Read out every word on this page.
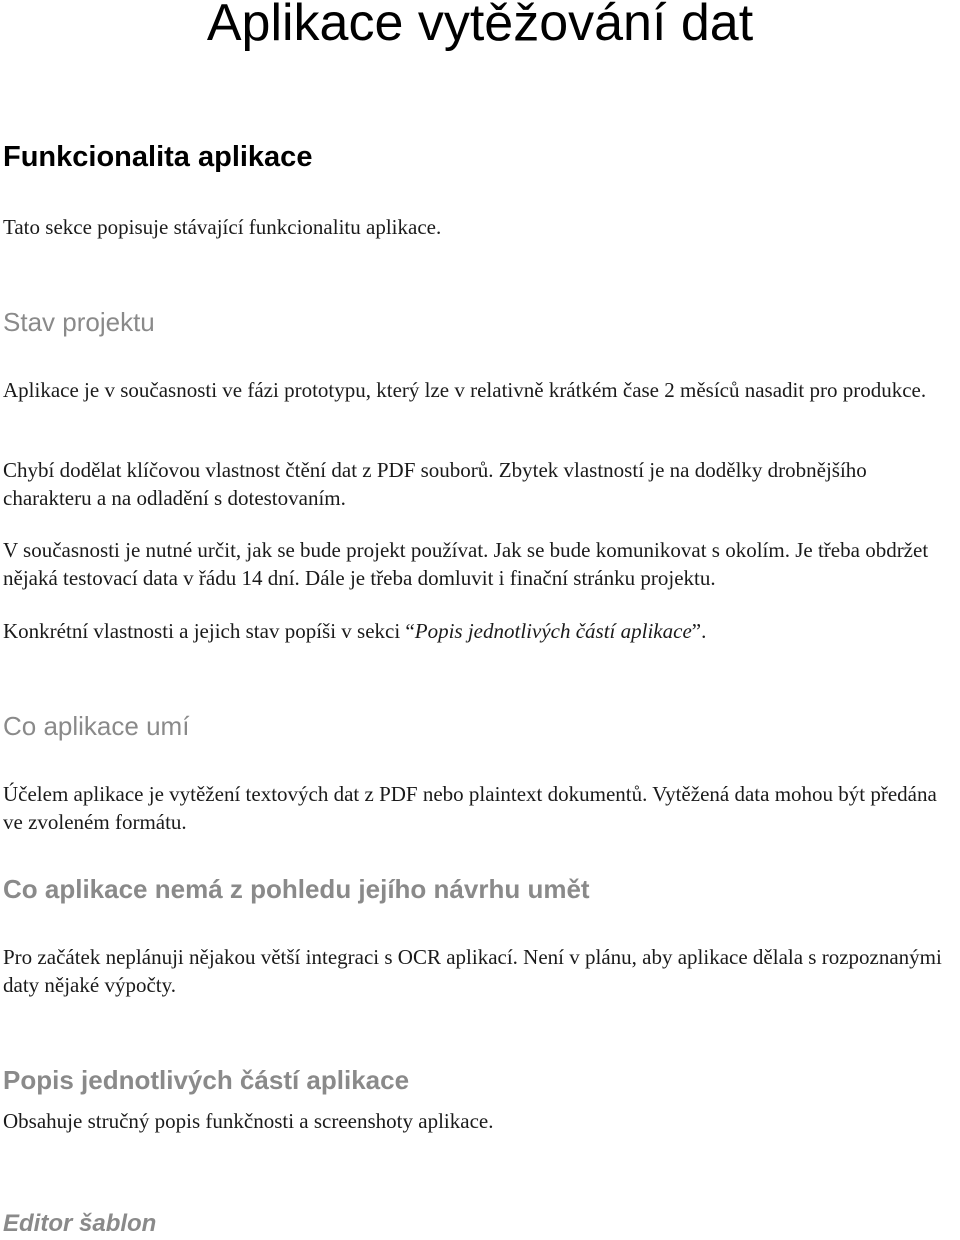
Aplikace vytěžování dat
Funkcionalita aplikace

Tato sekce popisuje stávající funkcionalitu aplikace.

Stav projektu

Aplikace je v současnosti ve fázi prototypu, který lze v relativně krátkém čase 2 měsíců nasadit pro produkce.

Chybí dodělat klíčovou vlastnost čtění dat z PDF souborů. Zbytek vlastností je na dodělky drobnějšího charakteru a na odladění s dotestovaním.

V současnosti je nutné určit, jak se bude projekt používat. Jak se bude komunikovat s okolím. Je třeba obdržet nějaká testovací data v řádu 14 dní. Dále je třeba domluvit i finační stránku projektu.

Konkrétní vlastnosti a jejich stav popíši v sekci “Popis jednotlivých částí aplikace”.

Co aplikace umí

Účelem aplikace je vytěžení textových dat z PDF nebo plaintext dokumentů. Vytěžená data mohou být předána ve zvoleném formátu.

Co aplikace nemá z pohledu jejího návrhu umět

Pro začátek neplánuji nějakou větší integraci s OCR aplikací. Není v plánu, aby aplikace dělala s rozpoznanými daty nějaké výpočty.

Popis jednotlivých částí aplikace

Obsahuje stručný popis funkčnosti a screenshoty aplikace.

Editor šablon
